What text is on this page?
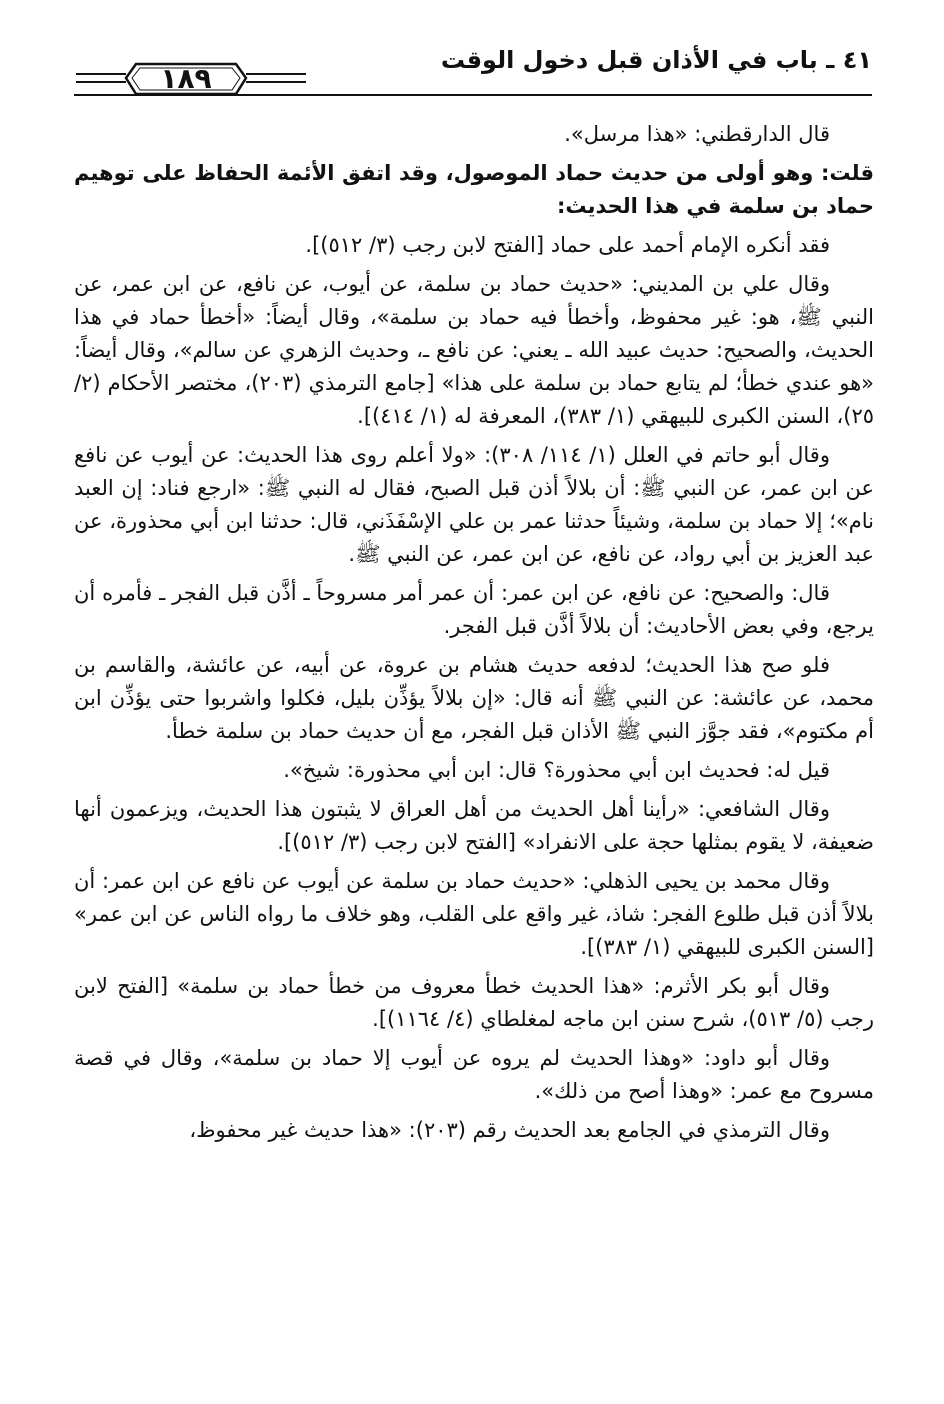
٤١ ـ باب في الأذان قبل دخول الوقت
١٨٩

قال الدارقطني: «هذا مرسل».

قلت: وهو أولى من حديث حماد الموصول، وقد اتفق الأئمة الحفاظ على توهيم حماد بن سلمة في هذا الحديث:

فقد أنكره الإمام أحمد على حماد [الفتح لابن رجب (٣/ ٥١٢)].

وقال علي بن المديني: «حديث حماد بن سلمة، عن أيوب، عن نافع، عن ابن عمر، عن النبي ﷺ، هو: غير محفوظ، وأخطأ فيه حماد بن سلمة»، وقال أيضاً: «أخطأ حماد في هذا الحديث، والصحيح: حديث عبيد الله ـ يعني: عن نافع ـ، وحديث الزهري عن سالم»، وقال أيضاً: «هو عندي خطأ؛ لم يتابع حماد بن سلمة على هذا» [جامع الترمذي (٢٠٣)، مختصر الأحكام (٢/ ٢٥)، السنن الكبرى للبيهقي (١/ ٣٨٣)، المعرفة له (١/ ٤١٤)].

وقال أبو حاتم في العلل (١/ ١١٤/ ٣٠٨): «ولا أعلم روى هذا الحديث: عن أيوب عن نافع عن ابن عمر، عن النبي ﷺ: أن بلالاً أذن قبل الصبح، فقال له النبي ﷺ: «ارجع فناد: إن العبد نام»؛ إلا حماد بن سلمة، وشيئاً حدثنا عمر بن علي الإسْفَذَني، قال: حدثنا ابن أبي محذورة، عن عبد العزيز بن أبي رواد، عن نافع، عن ابن عمر، عن النبي ﷺ.

قال: والصحيح: عن نافع، عن ابن عمر: أن عمر أمر مسروحاً ـ أذَّن قبل الفجر ـ فأمره أن يرجع، وفي بعض الأحاديث: أن بلالاً أذَّن قبل الفجر.

فلو صح هذا الحديث؛ لدفعه حديث هشام بن عروة، عن أبيه، عن عائشة، والقاسم بن محمد، عن عائشة: عن النبي ﷺ أنه قال: «إن بلالاً يؤذِّن بليل، فكلوا واشربوا حتى يؤذِّن ابن أم مكتوم»، فقد جوَّز النبي ﷺ الأذان قبل الفجر، مع أن حديث حماد بن سلمة خطأ.

قيل له: فحديث ابن أبي محذورة؟ قال: ابن أبي محذورة: شيخ».

وقال الشافعي: «رأينا أهل الحديث من أهل العراق لا يثبتون هذا الحديث، ويزعمون أنها ضعيفة، لا يقوم بمثلها حجة على الانفراد» [الفتح لابن رجب (٣/ ٥١٢)].

وقال محمد بن يحيى الذهلي: «حديث حماد بن سلمة عن أيوب عن نافع عن ابن عمر: أن بلالاً أذن قبل طلوع الفجر: شاذ، غير واقع على القلب، وهو خلاف ما رواه الناس عن ابن عمر» [السنن الكبرى للبيهقي (١/ ٣٨٣)].

وقال أبو بكر الأثرم: «هذا الحديث خطأ معروف من خطأ حماد بن سلمة» [الفتح لابن رجب (٥/ ٥١٣)، شرح سنن ابن ماجه لمغلطاي (٤/ ١١٦٤)].

وقال أبو داود: «وهذا الحديث لم يروه عن أيوب إلا حماد بن سلمة»، وقال في قصة مسروح مع عمر: «وهذا أصح من ذلك».

وقال الترمذي في الجامع بعد الحديث رقم (٢٠٣): «هذا حديث غير محفوظ،
